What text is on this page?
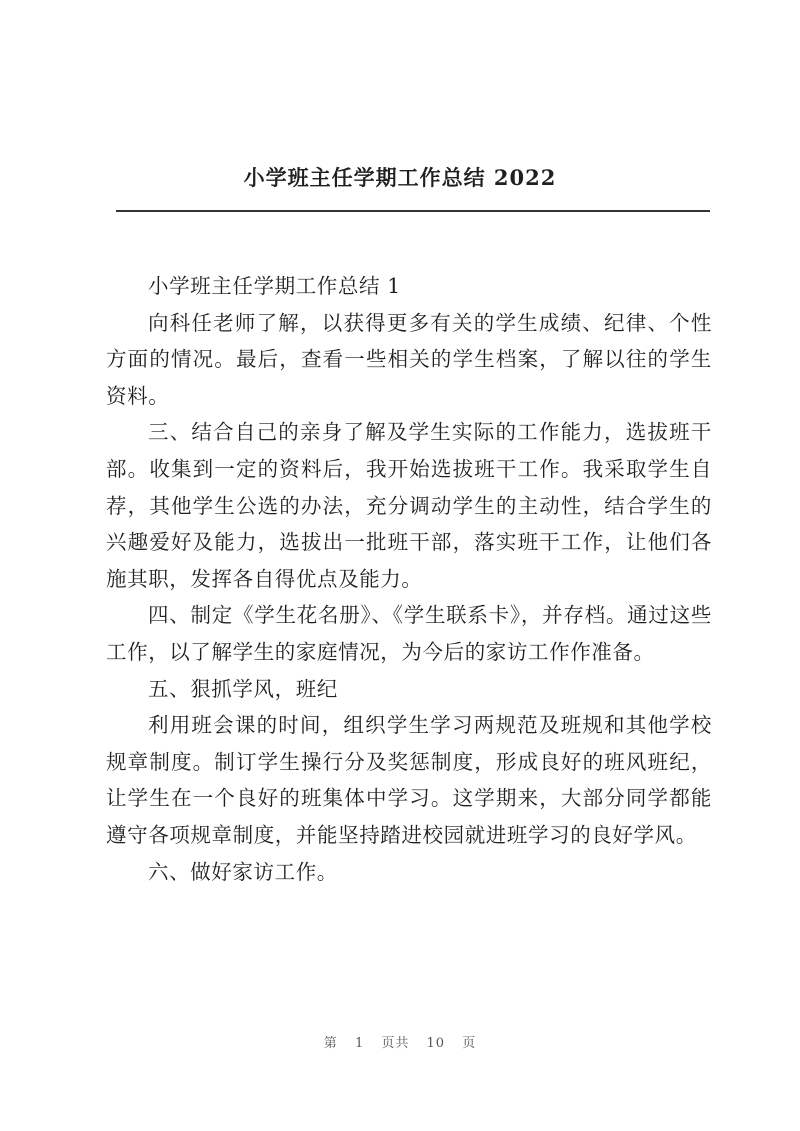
小学班主任学期工作总结 2022

小学班主任学期工作总结 1

向科任老师了解，以获得更多有关的学生成绩、纪律、个性方面的情况。最后，查看一些相关的学生档案，了解以往的学生资料。

三、结合自己的亲身了解及学生实际的工作能力，选拔班干部。收集到一定的资料后，我开始选拔班干工作。我采取学生自荐，其他学生公选的办法，充分调动学生的主动性，结合学生的兴趣爱好及能力，选拔出一批班干部，落实班干工作，让他们各施其职，发挥各自得优点及能力。

四、制定《学生花名册》、《学生联系卡》，并存档。通过这些工作，以了解学生的家庭情况，为今后的家访工作作准备。

五、狠抓学风，班纪

利用班会课的时间，组织学生学习两规范及班规和其他学校规章制度。制订学生操行分及奖惩制度，形成良好的班风班纪，让学生在一个良好的班集体中学习。这学期来，大部分同学都能遵守各项规章制度，并能坚持踏进校园就进班学习的良好学风。

六、做好家访工作。

第 1 页共 10 页
